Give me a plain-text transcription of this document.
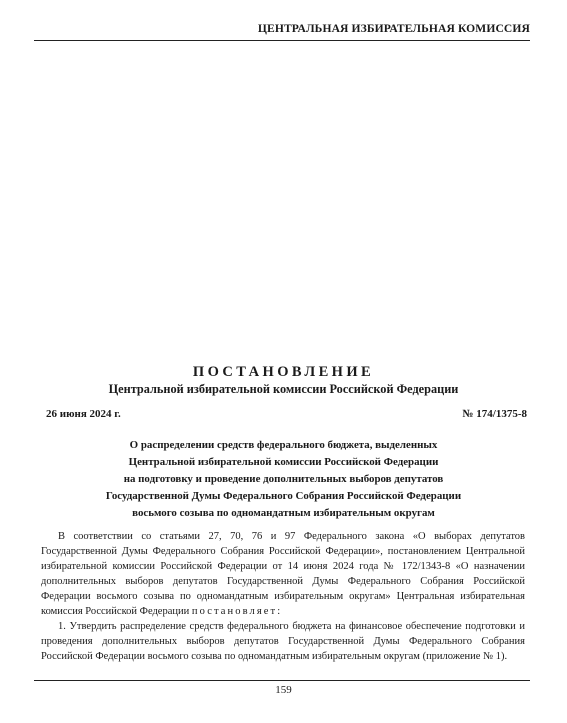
ЦЕНТРАЛЬНАЯ ИЗБИРАТЕЛЬНАЯ КОМИССИЯ
ПОСТАНОВЛЕНИЕ
Центральной избирательной комиссии Российской Федерации
26 июня 2024 г.	№ 174/1375-8
О распределении средств федерального бюджета, выделенных
Центральной избирательной комиссии Российской Федерации
на подготовку и проведение дополнительных выборов депутатов
Государственной Думы Федерального Собрания Российской Федерации
восьмого созыва по одномандатным избирательным округам

В соответствии со статьями 27, 70, 76 и 97 Федерального закона «О выборах депутатов Государственной Думы Федерального Собрания Российской Федерации», постановлением Центральной избирательной комиссии Российской Федерации от 14 июня 2024 года № 172/1343-8 «О назначении дополнительных выборов депутатов Государственной Думы Федерального Собрания Российской Федерации восьмого созыва по одномандатным избирательным округам» Центральная избирательная комиссия Российской Федерации постановляет:

1. Утвердить распределение средств федерального бюджета на финансовое обеспечение подготовки и проведения дополнительных выборов депутатов Государственной Думы Федерального Собрания Российской Федерации восьмого созыва по одномандатным избирательным округам (приложение № 1).

159
